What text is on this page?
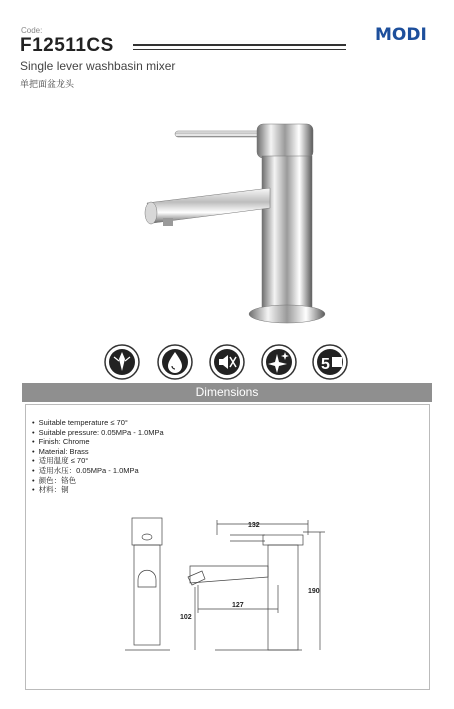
Code:
F12511CS	MODI
Single lever washbasin mixer
单把面盆龙头
5
Dimensions
• Suitable temperature ≤ 70°
• Suitable pressure: 0.05MPa - 1.0MPa
• Finish: Chrome
• Material: Brass
• 适用温度 ≤ 70°
• 适用水压：0.05MPa - 1.0MPa
• 颜色：铬色
• 材料：铜
132
190
102
127
